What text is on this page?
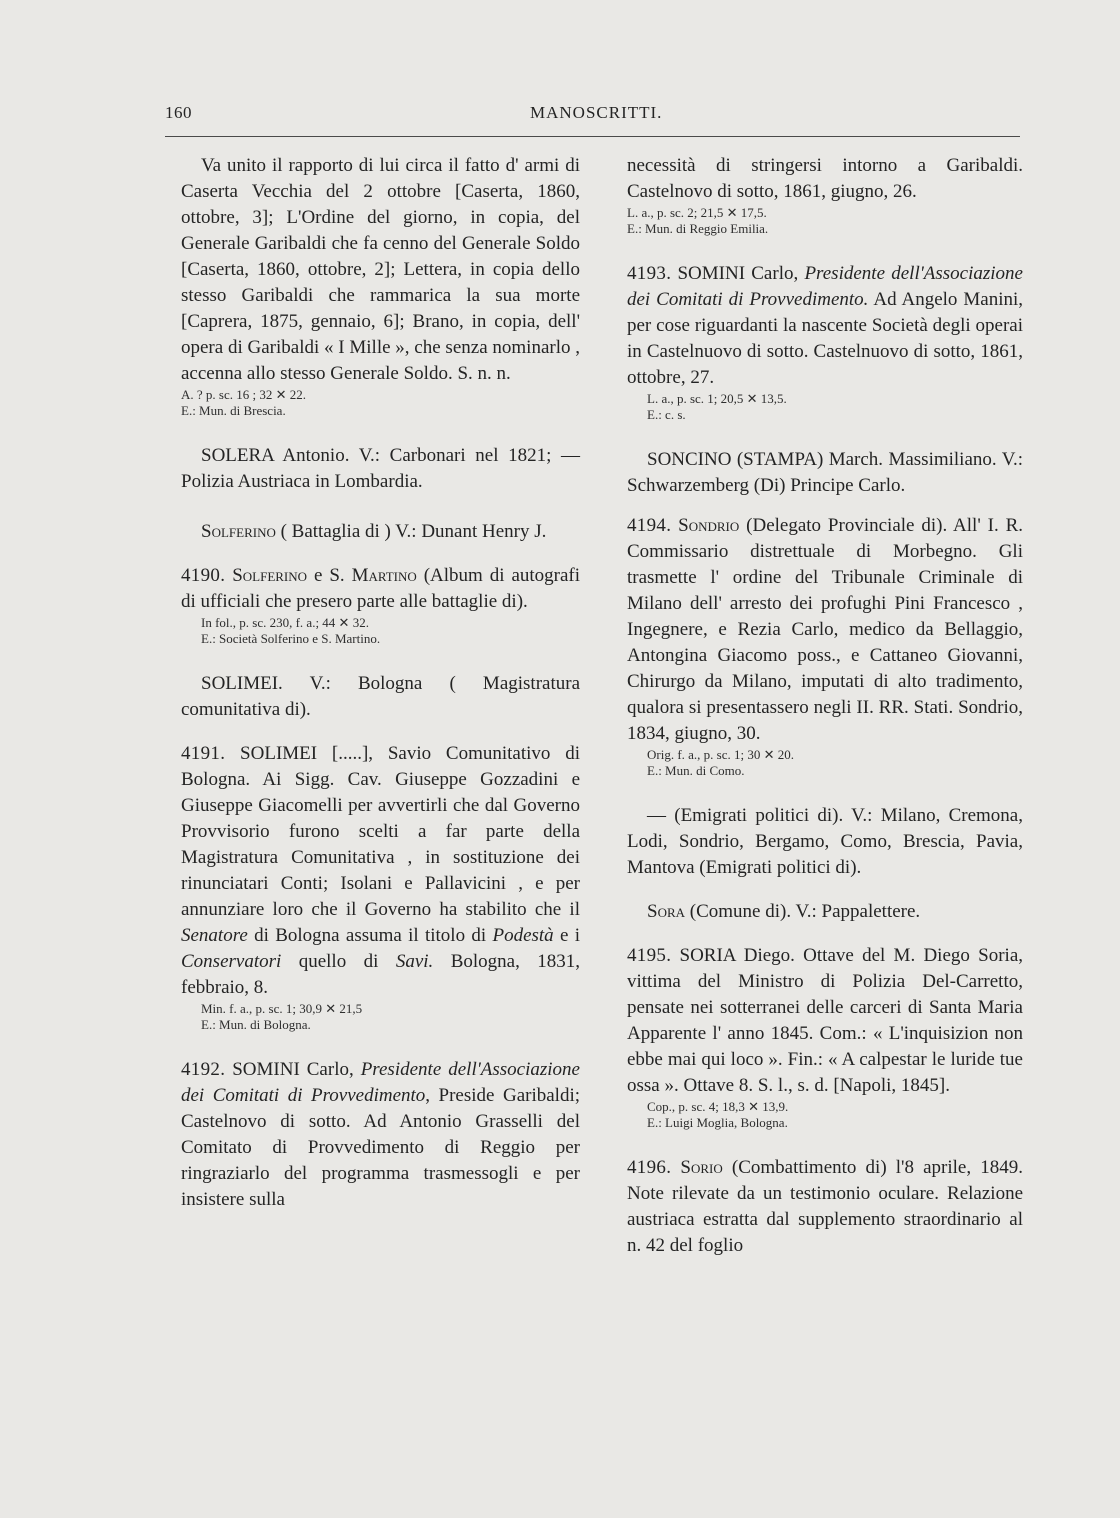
160	MANOSCRITTI.

Va unito il rapporto di lui circa il fatto d' armi di Caserta Vecchia del 2 ottobre [Caserta, 1860, ottobre, 3]; L'Ordine del giorno, in copia, del Generale Garibaldi che fa cenno del Generale Soldo [Caserta, 1860, ottobre, 2]; Lettera, in copia dello stesso Garibaldi che rammarica la sua morte [Caprera, 1875, gennaio, 6]; Brano, in copia, dell' opera di Garibaldi « I Mille », che senza nominarlo , accenna allo stesso Generale Soldo. S. n. n.

A. ? p. sc. 16 ; 32 ✕ 22.

E.: Mun. di Brescia.

SOLERA Antonio. V.: Carbonari nel 1821; — Polizia Austriaca in Lombardia.

Solferino ( Battaglia di ) V.: Dunant Henry J.

4190. Solferino e S. Martino (Album di autografi di ufficiali che presero parte alle battaglie di).

In fol., p. sc. 230, f. a.; 44 ✕ 32.

E.: Società Solferino e S. Martino.

SOLIMEI. V.: Bologna ( Magistratura comunitativa di).

4191. SOLIMEI [.....], Savio Comunitativo di Bologna. Ai Sigg. Cav. Giuseppe Gozzadini e Giuseppe Giacomelli per avvertirli che dal Governo Provvisorio furono scelti a far parte della Magistratura Comunitativa , in sostituzione dei rinunciatari Conti; Isolani e Pallavicini , e per annunziare loro che il Governo ha stabilito che il Senatore di Bologna assuma il titolo di Podestà e i Conservatori quello di Savi. Bologna, 1831, febbraio, 8.

Min. f. a., p. sc. 1; 30,9 ✕ 21,5

E.: Mun. di Bologna.

4192. SOMINI Carlo, Presidente dell'Associazione dei Comitati di Provvedimento, Preside Garibaldi; Castelnovo di sotto. Ad Antonio Grasselli del Comitato di Provvedimento di Reggio per ringraziarlo del programma trasmessogli e per insistere sulla

necessità di stringersi intorno a Garibaldi. Castelnovo di sotto, 1861, giugno, 26.

L. a., p. sc. 2; 21,5 ✕ 17,5.

E.: Mun. di Reggio Emilia.

4193. SOMINI Carlo, Presidente dell'Associazione dei Comitati di Provvedimento. Ad Angelo Manini, per cose riguardanti la nascente Società degli operai in Castelnuovo di sotto. Castelnuovo di sotto, 1861, ottobre, 27.

L. a., p. sc. 1; 20,5 ✕ 13,5.

E.: c. s.

SONCINO (STAMPA) March. Massimiliano. V.: Schwarzemberg (Di) Principe Carlo.

4194. Sondrio (Delegato Provinciale di). All' I. R. Commissario distrettuale di Morbegno. Gli trasmette l' ordine del Tribunale Criminale di Milano dell' arresto dei profughi Pini Francesco , Ingegnere, e Rezia Carlo, medico da Bellaggio, Antongina Giacomo poss., e Cattaneo Giovanni, Chirurgo da Milano, imputati di alto tradimento, qualora si presentassero negli II. RR. Stati. Sondrio, 1834, giugno, 30.

Orig. f. a., p. sc. 1; 30 ✕ 20.

E.: Mun. di Como.

— (Emigrati politici di). V.: Milano, Cremona, Lodi, Sondrio, Bergamo, Como, Brescia, Pavia, Mantova (Emigrati politici di).

Sora (Comune di). V.: Pappalettere.

4195. SORIA Diego. Ottave del M. Diego Soria, vittima del Ministro di Polizia Del-Carretto, pensate nei sotterranei delle carceri di Santa Maria Apparente l' anno 1845. Com.: « L'inquisizion non ebbe mai qui loco ». Fin.: « A calpestar le luride tue ossa ». Ottave 8. S. l., s. d. [Napoli, 1845].

Cop., p. sc. 4; 18,3 ✕ 13,9.

E.: Luigi Moglia, Bologna.

4196. Sorio (Combattimento di) l'8 aprile, 1849. Note rilevate da un testimonio oculare. Relazione austriaca estratta dal supplemento straordinario al n. 42 del foglio
